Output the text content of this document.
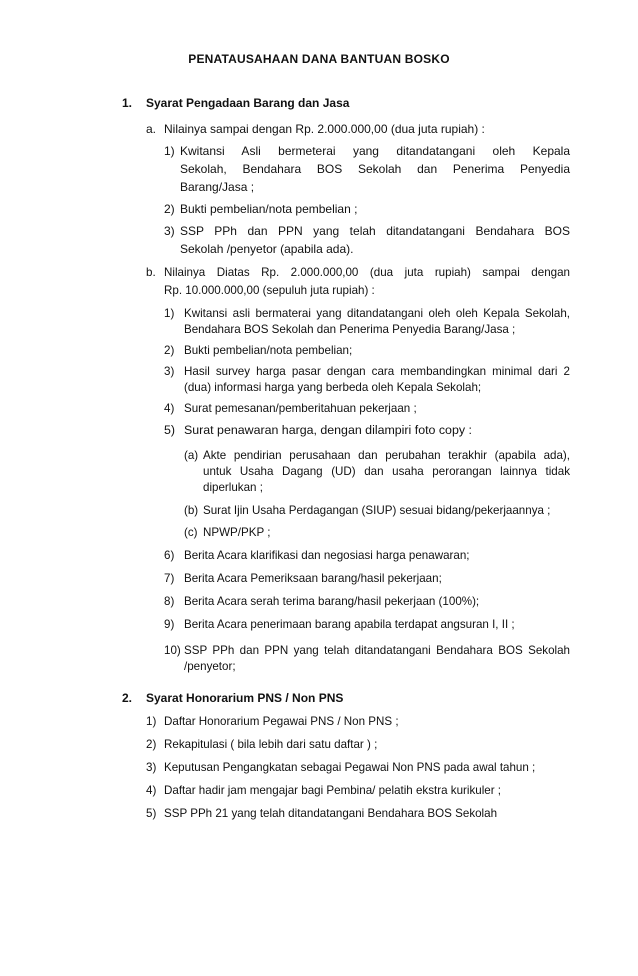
PENATAUSAHAAN DANA BANTUAN BOSKO
1. Syarat Pengadaan Barang dan Jasa
a. Nilainya sampai dengan Rp. 2.000.000,00 (dua juta rupiah) :
1) Kwitansi Asli bermeterai yang ditandatangani oleh Kepala
Sekolah, Bendahara BOS Sekolah dan Penerima Penyedia
Barang/Jasa ;
2) Bukti pembelian/nota pembelian ;
3) SSP PPh dan PPN yang telah ditandatangani Bendahara BOS
Sekolah /penyetor (apabila ada).
b. Nilainya Diatas Rp. 2.000.000,00 (dua juta rupiah) sampai dengan
Rp. 10.000.000,00 (sepuluh juta rupiah) :
1) Kwitansi asli bermaterai yang ditandatangani oleh oleh Kepala Sekolah,
Bendahara BOS Sekolah dan Penerima Penyedia Barang/Jasa ;
2) Bukti pembelian/nota pembelian;
3) Hasil survey harga pasar dengan cara membandingkan minimal dari 2
(dua) informasi harga yang berbeda oleh Kepala Sekolah;
4) Surat pemesanan/pemberitahuan pekerjaan ;
5) Surat penawaran harga, dengan dilampiri foto copy :
(a) Akte pendirian perusahaan dan perubahan terakhir (apabila ada),
untuk Usaha Dagang (UD) dan usaha perorangan lainnya tidak
diperlukan ;
(b) Surat Ijin Usaha Perdagangan (SIUP) sesuai bidang/pekerjaannya ;
(c) NPWP/PKP ;
6) Berita Acara klarifikasi dan negosiasi harga penawaran;
7) Berita Acara Pemeriksaan barang/hasil pekerjaan;
8) Berita Acara serah terima barang/hasil pekerjaan (100%);
9) Berita Acara penerimaan barang apabila terdapat angsuran I, II ;
10) SSP PPh dan PPN yang telah ditandatangani Bendahara BOS Sekolah
/penyetor;
2. Syarat Honorarium PNS / Non PNS
1) Daftar Honorarium Pegawai PNS / Non PNS ;
2) Rekapitulasi ( bila lebih dari satu daftar ) ;
3) Keputusan Pengangkatan sebagai Pegawai Non PNS pada awal tahun ;
4) Daftar hadir jam mengajar bagi Pembina/ pelatih ekstra kurikuler ;
5) SSP PPh 21 yang telah ditandatangani Bendahara BOS Sekolah
